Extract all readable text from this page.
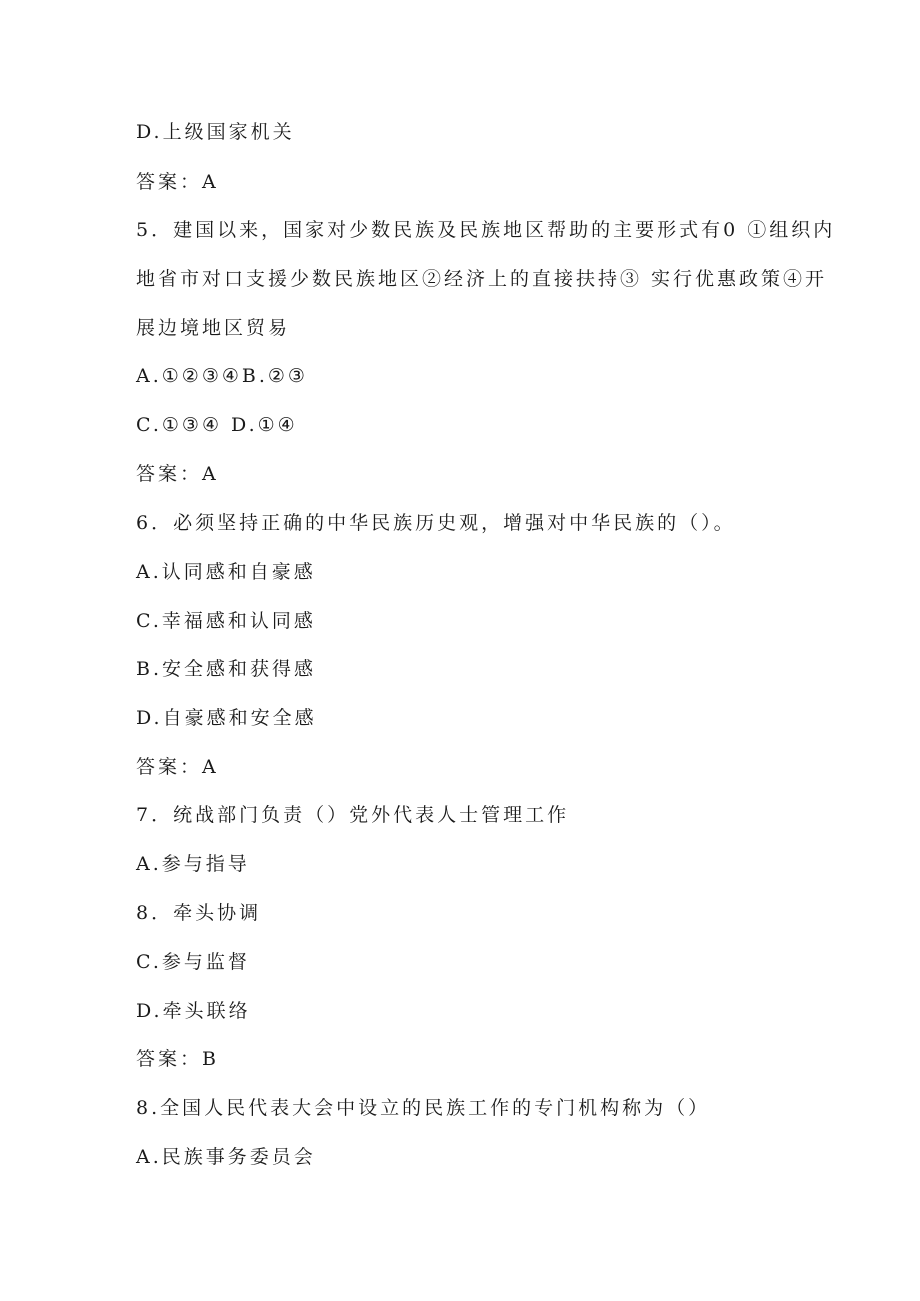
D.上级国家机关
答案：A
5．建国以来，国家对少数民族及民族地区帮助的主要形式有0 ①组织内
地省市对口支援少数民族地区②经济上的直接扶持③ 实行优惠政策④开
展边境地区贸易
A.①②③④B.②③
C.①③④ D.①④
答案：A
6．必须坚持正确的中华民族历史观，增强对中华民族的（）。
A.认同感和自豪感
C.幸福感和认同感
B.安全感和获得感
D.自豪感和安全感
答案：A
7．统战部门负责（）党外代表人士管理工作
A.参与指导
8．牵头协调
C.参与监督
D.牵头联络
答案：B
8.全国人民代表大会中设立的民族工作的专门机构称为（）
A.民族事务委员会
